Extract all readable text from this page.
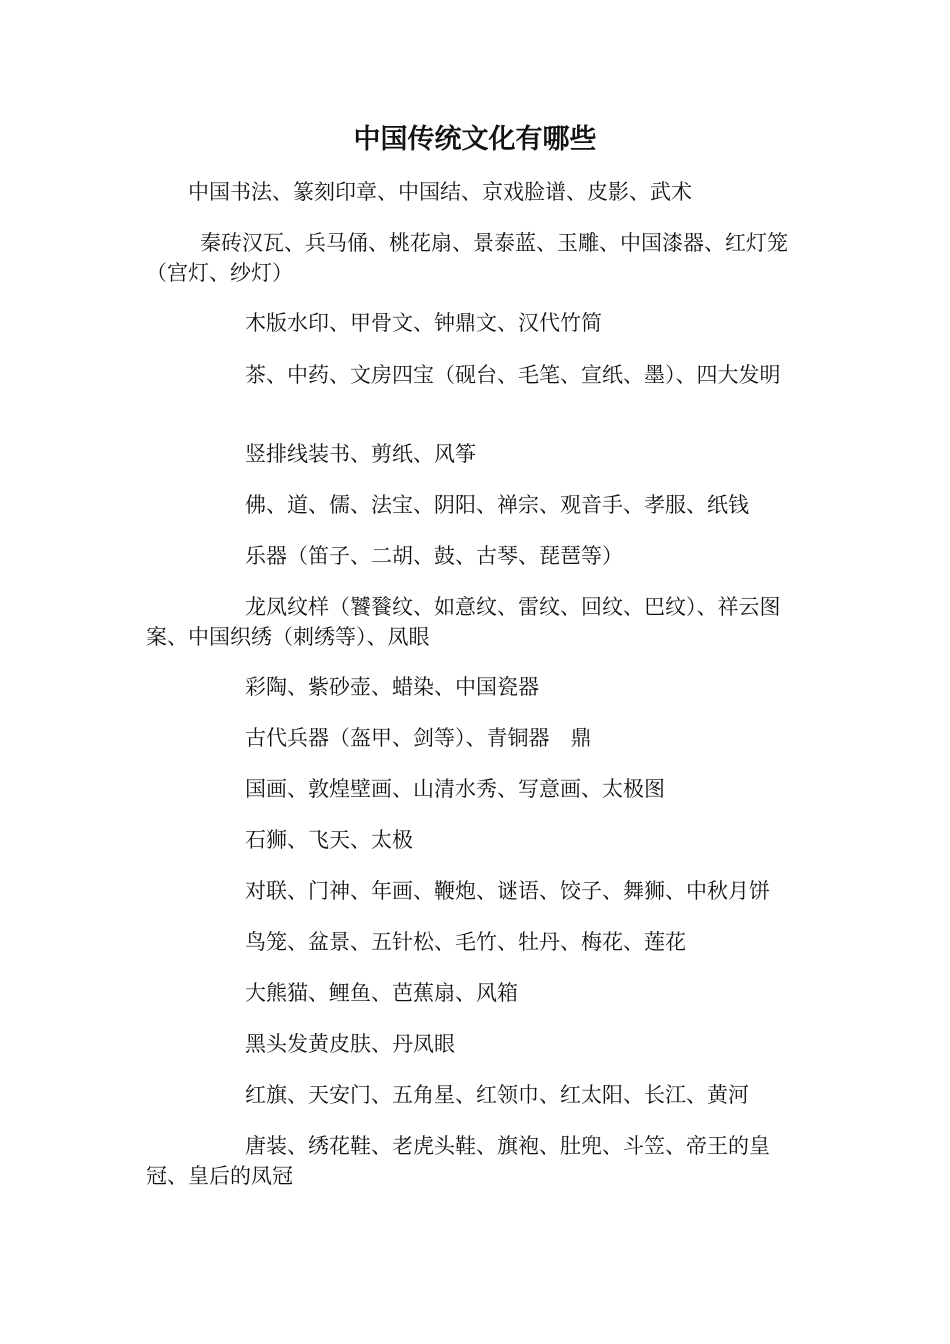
中国传统文化有哪些

中国书法、篆刻印章、中国结、京戏脸谱、皮影、武术

秦砖汉瓦、兵马俑、桃花扇、景泰蓝、玉雕、中国漆器、红灯笼（宫灯、纱灯）

木版水印、甲骨文、钟鼎文、汉代竹简

茶、中药、文房四宝（砚台、毛笔、宣纸、墨）、四大发明

竖排线装书、剪纸、风筝

佛、道、儒、法宝、阴阳、禅宗、观音手、孝服、纸钱

乐器（笛子、二胡、鼓、古琴、琵琶等）

龙凤纹样（饕餮纹、如意纹、雷纹、回纹、巴纹）、祥云图案、中国织绣（刺绣等）、凤眼

彩陶、紫砂壶、蜡染、中国瓷器

古代兵器（盔甲、剑等）、青铜器　鼎

国画、敦煌壁画、山清水秀、写意画、太极图

石狮、飞天、太极

对联、门神、年画、鞭炮、谜语、饺子、舞狮、中秋月饼

鸟笼、盆景、五针松、毛竹、牡丹、梅花、莲花

大熊猫、鲤鱼、芭蕉扇、风箱

黑头发黄皮肤、丹凤眼

红旗、天安门、五角星、红领巾、红太阳、长江、黄河

唐装、绣花鞋、老虎头鞋、旗袍、肚兜、斗笠、帝王的皇冠、皇后的凤冠
